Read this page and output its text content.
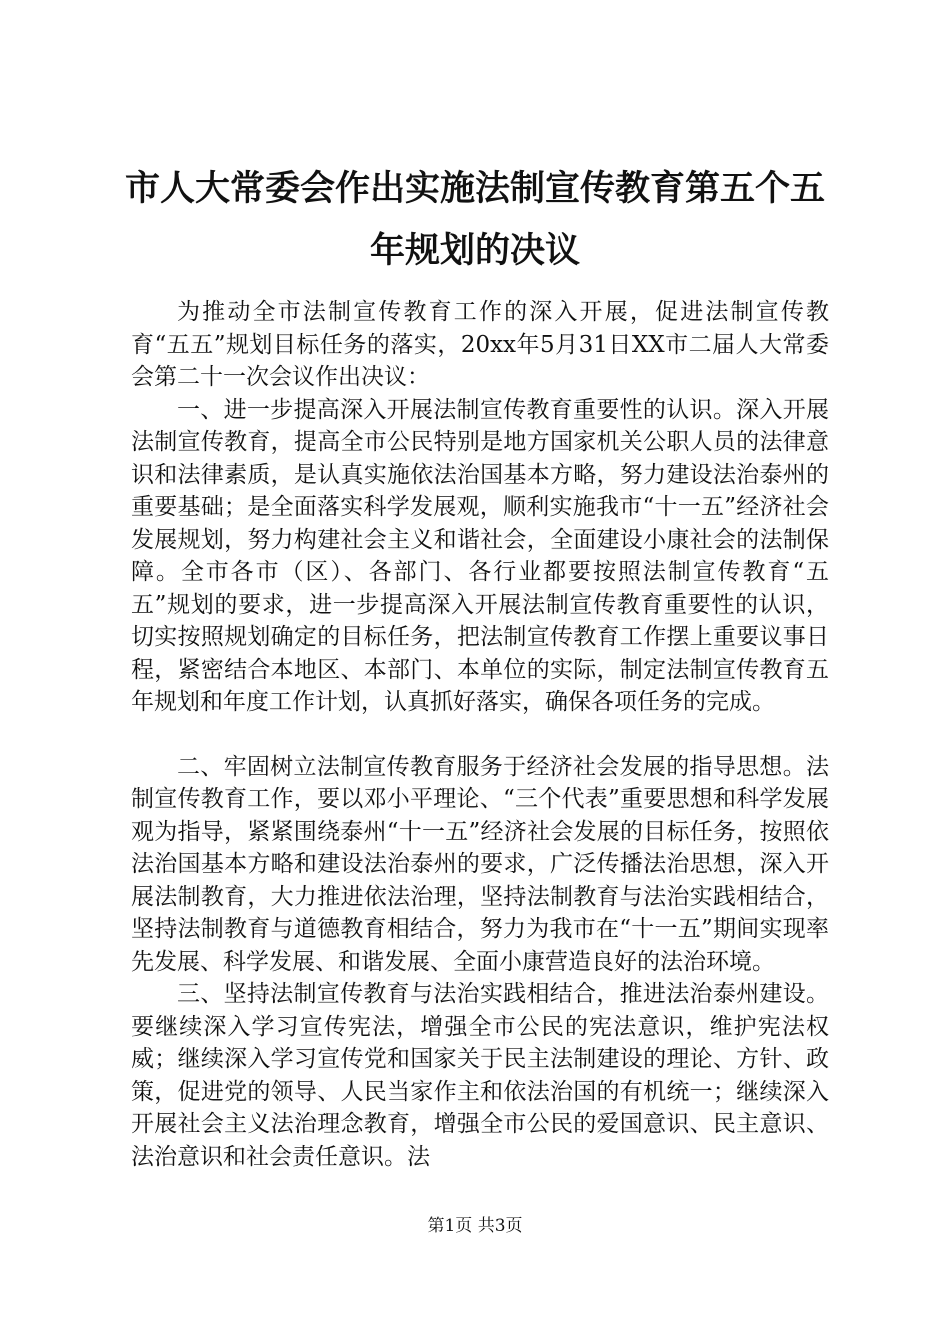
市人大常委会作出实施法制宣传教育第五个五年规划的决议

为推动全市法制宣传教育工作的深入开展，促进法制宣传教育“五五”规划目标任务的落实，20xx年5月31日XX市二届人大常委会第二十一次会议作出决议：

一、进一步提高深入开展法制宣传教育重要性的认识。深入开展法制宣传教育，提高全市公民特别是地方国家机关公职人员的法律意识和法律素质，是认真实施依法治国基本方略，努力建设法治泰州的重要基础；是全面落实科学发展观，顺利实施我市“十一五”经济社会发展规划，努力构建社会主义和谐社会，全面建设小康社会的法制保障。全市各市（区）、各部门、各行业都要按照法制宣传教育“五五”规划的要求，进一步提高深入开展法制宣传教育重要性的认识，切实按照规划确定的目标任务，把法制宣传教育工作摆上重要议事日程，紧密结合本地区、本部门、本单位的实际，制定法制宣传教育五年规划和年度工作计划，认真抓好落实，确保各项任务的完成。

二、牢固树立法制宣传教育服务于经济社会发展的指导思想。法制宣传教育工作，要以邓小平理论、“三个代表”重要思想和科学发展观为指导，紧紧围绕泰州“十一五”经济社会发展的目标任务，按照依法治国基本方略和建设法治泰州的要求，广泛传播法治思想，深入开展法制教育，大力推进依法治理，坚持法制教育与法治实践相结合，坚持法制教育与道德教育相结合，努力为我市在“十一五”期间实现率先发展、科学发展、和谐发展、全面小康营造良好的法治环境。

三、坚持法制宣传教育与法治实践相结合，推进法治泰州建设。要继续深入学习宣传宪法，增强全市公民的宪法意识，维护宪法权威；继续深入学习宣传党和国家关于民主法制建设的理论、方针、政策，促进党的领导、人民当家作主和依法治国的有机统一；继续深入开展社会主义法治理念教育，增强全市公民的爱国意识、民主意识、法治意识和社会责任意识。法

第1页 共3页
